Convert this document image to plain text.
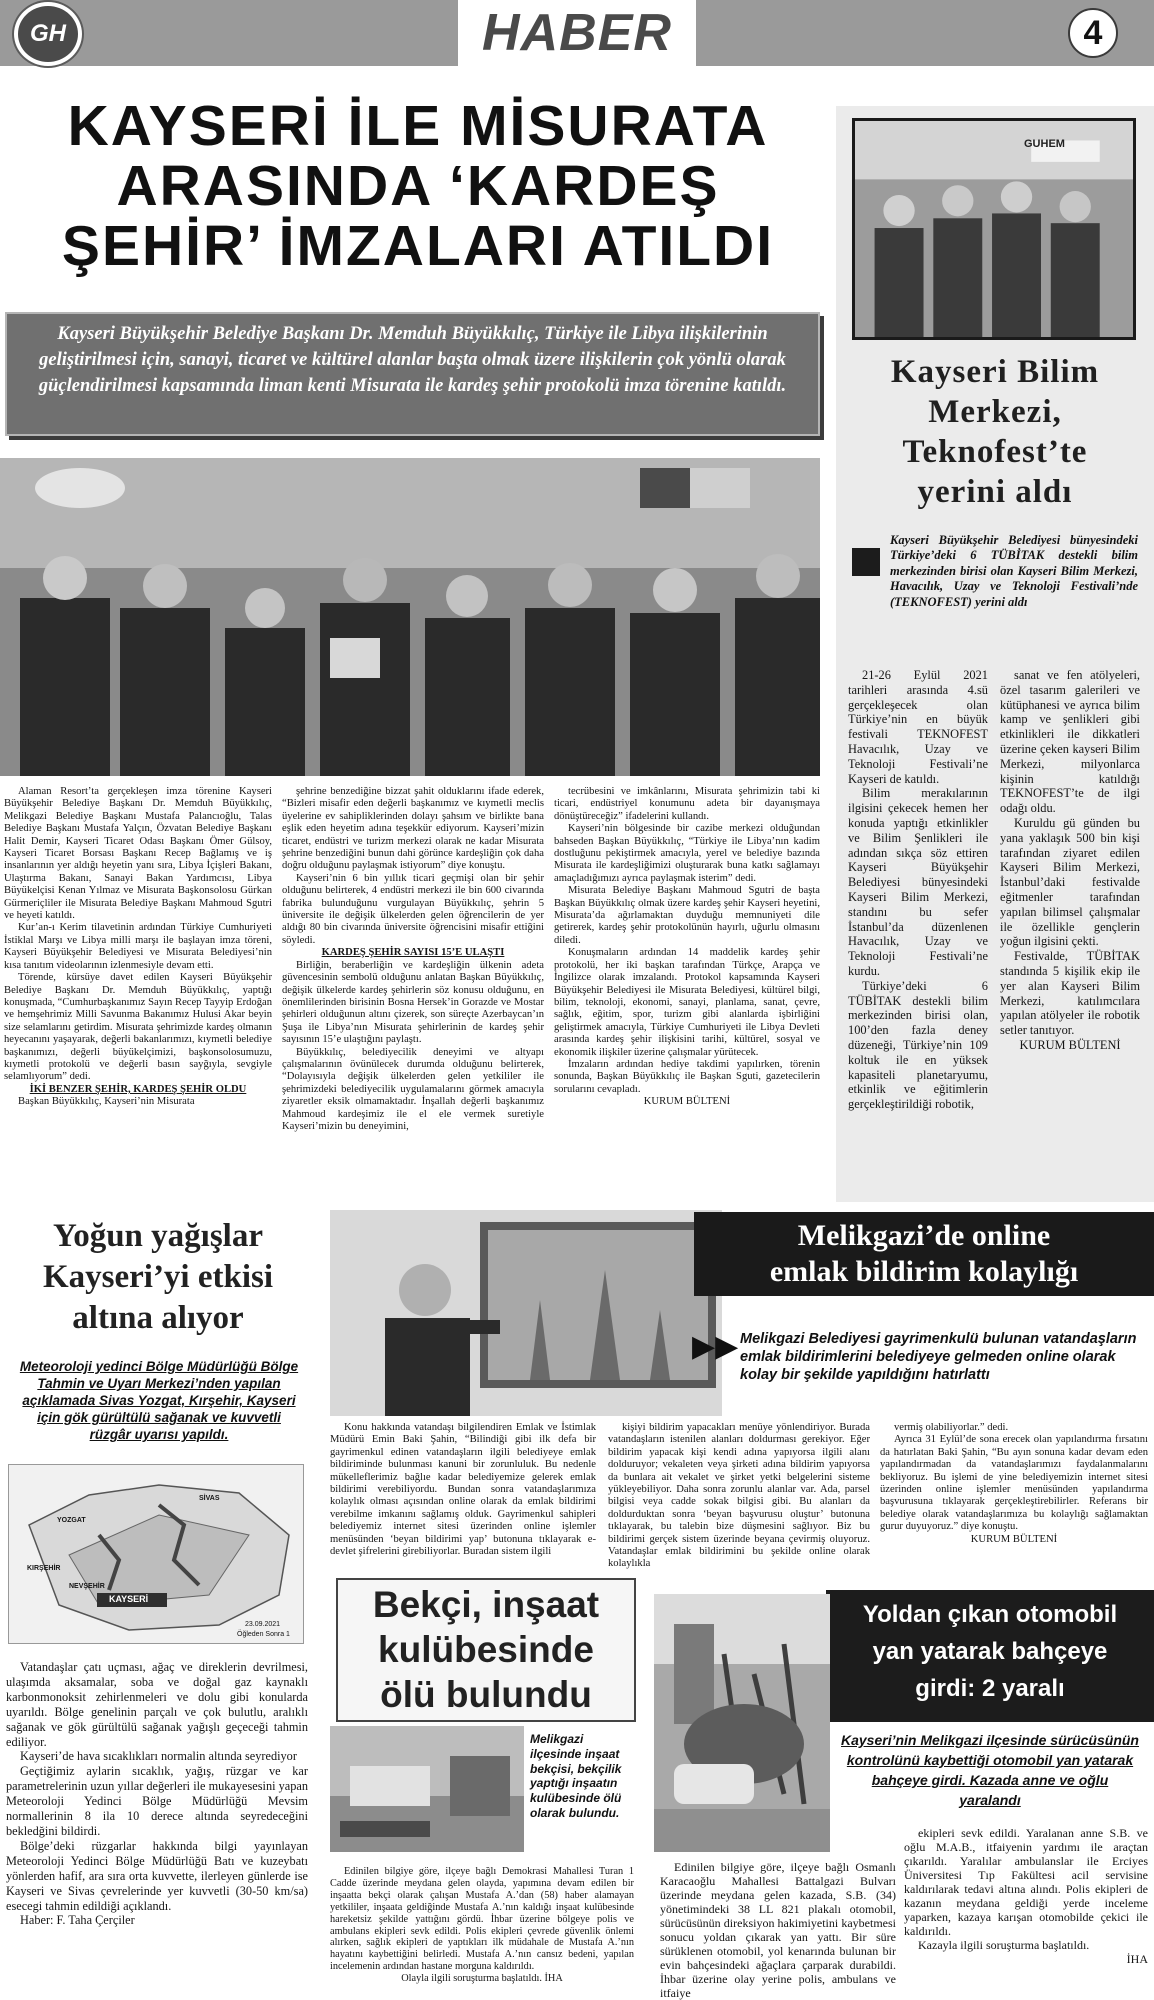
GH	HABER	4
KAYSERİ İLE MİSURATA
ARASINDA ‘KARDEŞ
ŞEHİR’ İMZALARI ATILDI
Kayseri Büyükşehir Belediye Başkanı Dr. Memduh Büyükkılıç, Türkiye ile Libya ilişkilerinin geliştirilmesi için, sanayi, ticaret ve kültürel alanlar başta olmak üzere ilişkilerin çok yönlü olarak güçlendirilmesi kapsamında liman kenti Misurata ile kardeş şehir protokolü imza törenine katıldı.

Alaman Resort’ta gerçekleşen imza törenine Kayseri Büyükşehir Belediye Başkanı Dr. Memduh Büyükkılıç, Melikgazi Belediye Başkanı Mustafa Palancıoğlu, Talas Belediye Başkanı Mustafa Yalçın, Özvatan Belediye Başkanı Halit Demir, Kayseri Ticaret Odası Başkanı Ömer Gülsoy, Kayseri Ticaret Borsası Başkanı Recep Bağlamış ve iş insanlarının yer aldığı heyetin yanı sıra, Libya İçişleri Bakanı, Ulaştırma Bakanı, Sanayi Bakan Yardımcısı, Libya Büyükelçisi Kenan Yılmaz ve Misurata Başkonsolosu Gürkan Gürmeriçliler ile Misurata Belediye Başkanı Mahmoud Sgutri ve heyeti katıldı.

Kur’an-ı Kerim tilavetinin ardından Türkiye Cumhuriyeti İstiklal Marşı ve Libya milli marşı ile başlayan imza töreni, Kayseri Büyükşehir Belediyesi ve Misurata Belediyesi’nin kısa tanıtım videolarının izlenmesiyle devam etti.

Törende, kürsüye davet edilen Kayseri Büyükşehir Belediye Başkanı Dr. Memduh Büyükkılıç, yaptığı konuşmada, “Cumhurbaşkanımız Sayın Recep Tayyip Erdoğan ve hemşehrimiz Milli Savunma Bakanımız Hulusi Akar beyin size selamlarını getirdim. Misurata şehrimizde kardeş olmanın heyecanını yaşayarak, değerli bakanlarımızı, kıymetli belediye başkanımızı, değerli büyükelçimizi, başkonsolosumuzu, kıymetli protokolü ve değerli basın sayğıyla, sevgiyle selamlıyorum” dedi.

İKİ BENZER ŞEHİR, KARDEŞ ŞEHİR OLDU

Başkan Büyükkılıç, Kayseri’nin Misurata

şehrine benzediğine bizzat şahit olduklarını ifade ederek, “Bizleri misafir eden değerli başkanımız ve kıymetli meclis üyelerine ev sahipliklerinden dolayı şahsım ve birlikte bana eşlik eden heyetim adına teşekkür ediyorum. Kayseri’mizin ticaret, endüstri ve turizm merkezi olarak ne kadar Misurata şehrine benzediğini bunun dahi görünce kardeşliğin çok daha doğru olduğunu paylaşmak istiyorum” diye konuştu.

Kayseri’nin 6 bin yıllık ticari geçmişi olan bir şehir olduğunu belirterek, 4 endüstri merkezi ile bin 600 civarında fabrika bulunduğunu vurgulayan Büyükkılıç, şehrin 5 üniversite ile değişik ülkelerden gelen öğrencilerin de yer aldığı 80 bin civarında üniversite öğrencisini misafir ettiğini söyledi.

KARDEŞ ŞEHİR SAYISI 15’E ULAŞTI

Birliğin, beraberliğin ve kardeşliğin ülkenin adeta güvencesinin sembolü olduğunu anlatan Başkan Büyükkılıç, değişik ülkelerde kardeş şehirlerin söz konusu olduğunu, en önemlilerinden birisinin Bosna Hersek’in Gorazde ve Mostar şehirleri olduğunun altını çizerek, son süreçte Azerbaycan’ın Şuşa ile Libya’nın Misurata şehirlerinin de kardeş şehir sayısının 15’e ulaştığını paylaştı.

Büyükkılıç, belediyecilik deneyimi ve altyapı çalışmalarının övünülecek durumda olduğunu belirterek, “Dolayısıyla değişik ülkelerden gelen yetkililer ile şehrimizdeki belediyecilik uygulamalarını görmek amacıyla ziyaretler eksik olmamaktadır. İnşallah değerli başkanımız Mahmoud kardeşimiz ile el ele vermek suretiyle Kayseri’mizin bu deneyimini,

tecrübesini ve imkânlarını, Misurata şehrimizin tabi ki ticari, endüstriyel konumunu adeta bir dayanışmaya dönüştüreceğiz” ifadelerini kullandı.

Kayseri’nin bölgesinde bir cazibe merkezi olduğundan bahseden Başkan Büyükkılıç, “Türkiye ile Libya’nın kadim dostluğunu pekiştirmek amacıyla, yerel ve belediye bazında Misurata ile kardeşliğimizi oluşturarak buna katkı sağlamayı amaçladığımızı ayrıca paylaşmak isterim” dedi.

Misurata Belediye Başkanı Mahmoud Sgutri de başta Başkan Büyükkılıç olmak üzere kardeş şehir Kayseri heyetini, Misurata’da ağırlamaktan duyduğu memnuniyeti dile getirerek, kardeş şehir protokolünün hayırlı, uğurlu olmasını diledi.

Konuşmaların ardından 14 maddelik kardeş şehir protokolü, her iki başkan tarafından Türkçe, Arapça ve İngilizce olarak imzalandı. Protokol kapsamında Kayseri Büyükşehir Belediyesi ile Misurata Belediyesi, kültürel bilgi, bilim, teknoloji, ekonomi, sanayi, planlama, sanat, çevre, sağlık, eğitim, spor, turizm gibi alanlarda işbirliğini geliştirmek amacıyla, Türkiye Cumhuriyeti ile Libya Devleti arasında kardeş şehir ilişkisini tarihi, kültürel, sosyal ve ekonomik ilişkiler üzerine çalışmalar yürütecek.

İmzaların ardından hediye takdimi yapılırken, törenin sonunda, Başkan Büyükkılıç ile Başkan Sguti, gazetecilerin sorularını cevapladı.

KURUM BÜLTENİ

GUHEM
Kayseri Bilim
Merkezi,
Teknofest’te
yerini aldı
Kayseri Büyükşehir Belediyesi bünyesindeki Türkiye’deki 6 TÜBİTAK destekli bilim merkezinden birisi olan Kayseri Bilim Merkezi, Havacılık, Uzay ve Teknoloji Festivali’nde (TEKNOFEST) yerini aldı

21-26 Eylül 2021 tarihleri arasında 4.sü gerçekleşecek olan Türkiye’nin en büyük festivali TEKNOFEST Havacılık, Uzay ve Teknoloji Festivali’ne Kayseri de katıldı.

Bilim merakılarının ilgisini çekecek hemen her konuda yaptığı etkinlikler ve Bilim Şenlikleri ile adından sıkça söz ettiren Kayseri Büyükşehir Belediyesi bünyesindeki Kayseri Bilim Merkezi, standını bu sefer İstanbul’da düzenlenen Havacılık, Uzay ve Teknoloji Festivali’ne kurdu.

Türkiye’deki 6 TÜBİTAK destekli bilim merkezinden birisi olan, 100’den fazla deney düzeneği, Türkiye’nin 109 koltuk ile en yüksek kapasiteli planetaryumu, etkinlik ve eğitimlerin gerçekleştirildiği robotik,

sanat ve fen atölyeleri, özel tasarım galerileri ve kütüphanesi ve ayrıca bilim kamp ve şenlikleri gibi etkinlikleri ile dikkatleri üzerine çeken kayseri Bilim Merkezi, milyonlarca kişinin katıldığı TEKNOFEST’te de ilgi odağı oldu.

Kuruldu gü günden bu yana yaklaşık 500 bin kişi tarafından ziyaret edilen Kayseri Bilim Merkezi, İstanbul’daki festivalde eğitmenler tarafından yapılan bilimsel çalışmalar ile özellikle gençlerin yoğun ilgisini çekti.

Festivalde, TÜBİTAK standında 5 kişilik ekip ile yer alan Kayseri Bilim Merkezi, katılımcılara yapılan atölyeler ile robotik setler tanıtıyor.

KURUM BÜLTENİ

Yoğun yağışlar
Kayseri’yi etkisi
altına alıyor
Meteoroloji yedinci Bölge Müdürlüğü Bölge Tahmin ve Uyarı Merkezi’nden yapılan açıklamada Sivas Yozgat, Kırşehir, Kayseri için gök gürültülü sağanak ve kuvvetli rüzgâr uyarısı yapıldı.
YOZGAT
SİVAS
KIRŞEHİR
NEVŞEHİR
KAYSERİ
23.09.2021
Öğleden Sonra 1

Vatandaşlar çatı uçması, ağaç ve direklerin devrilmesi, ulaşımda aksamalar, soba ve doğal gaz kaynaklı karbonmonoksit zehirlenmeleri ve dolu gibi konularda uyarıldı. Bölge genelinin parçalı ve çok bulutlu, aralıklı sağanak ve gök gürültülü sağanak yağışlı geçeceği tahmin ediliyor.

Kayseri’de hava sıcaklıkları normalin altında seyrediyor

Geçtiğimiz aylarin sıcaklık, yağış, rüzgar ve kar parametrelerinin uzun yıllar değerleri ile mukayesesini yapan Meteoroloji Yedinci Bölge Müdürlüğü Mevsim normallerinin 8 ila 10 derece altında seyredeceğini bekledğini bildirdi.

Bölge’deki rüzgarlar hakkında bilgi yayınlayan Meteoroloji Yedinci Bölge Müdürlüğü Batı ve kuzeybatı yönlerden hafif, ara sıra orta kuvvette, ilerleyen günlerde ise Kayseri ve Sivas çevrelerinde yer kuvvetli (30-50 km/sa) esecegi tahmin edildiği açıklandı.

Haber: F. Taha Çerçiler

Melikgazi’de online
emlak bildirim kolaylığı
▶▶ Melikgazi Belediyesi gayrimenkulü bulunan vatandaşların emlak bildirimlerini belediyeye gelmeden online olarak kolay bir şekilde yapıldığını hatırlattı

Konu hakkında vatandaşı bilgilendiren Emlak ve İstimlak Müdürü Emin Baki Şahin, “Bilindiği gibi ilk defa bir gayrimenkul edinen vatandaşların ilgili belediyeye emlak bildiriminde bulunması kanuni bir zorunluluk. Bu nedenle mükelleflerimiz bağlıe kadar belediyemize gelerek emlak bildirimi verebiliyordu. Bundan sonra vatandaşlarımıza kolaylık olması açısından online olarak da emlak bildirimi verebilme imkanını sağlamış olduk. Gayrimenkul sahipleri belediyemiz internet sitesi üzerinden online işlemler menüsünden ‘beyan bildirimi yap’ butonuna tıklayarak e-devlet şifrelerini girebiliyorlar. Buradan sistem ilgili

kişiyi bildirim yapacakları menüye yönlendiriyor. Burada vatandaşların istenilen alanları doldurması gerekiyor. Eğer bildirim yapacak kişi kendi adına yapıyorsa ilgili alanı dolduruyor; vekaleten veya şirketi adına bildirim yapıyorsa da bunlara ait vekalet ve şirket yetki belgelerini sisteme yükleyebiliyor. Daha sonra zorunlu alanlar var. Ada, parsel bilgisi veya cadde sokak bilgisi gibi. Bu alanları da doldurduktan sonra ‘beyan başvurusu oluştur’ butonuna tıklayarak, bu talebin bize düşmesini sağlıyor. Biz bu bildirimi gerçek sistem üzerinde beyana çevirmiş oluyoruz. Vatandaşlar emlak bildirimini bu şekilde online olarak kolaylıkla

vermiş olabiliyorlar.” dedi.

Ayrıca 31 Eylül’de sona erecek olan yapılandırma fırsatını da hatırlatan Baki Şahin, “Bu ayın sonuna kadar devam eden yapılandırmadan da vatandaşlarımızı faydalanmalarını bekliyoruz. Bu işlemi de yine belediyemizin internet sitesi üzerinden online işlemler menüsünden yapılandırma başvurusuna tıklayarak gerçekleştirebilirler. Referans bir belediye olarak vatandaşlarımıza bu kolaylığı sağlamaktan gurur duyuyoruz.” diye konuştu.

KURUM BÜLTENİ

Bekçi, inşaat
kulübesinde
ölü bulundu
Melikgazi ilçesinde inşaat bekçisi, bekçilik yaptığı inşaatın kulübesinde ölü olarak bulundu.

Edinilen bilgiye göre, ilçeye bağlı Demokrasi Mahallesi Turan 1 Cadde üzerinde meydana gelen olayda, yapımına devam edilen bir inşaatta bekçi olarak çalışan Mustafa A.’dan (58) haber alamayan yetkililer, inşaata geldiğinde Mustafa A.’nın kaldığı inşaat kulübesinde hareketsiz şekilde yattığını gördü. İhbar üzerine bölgeye polis ve ambulans ekipleri sevk edildi. Polis ekipleri çevrede güvenlik önlemi alırken, sağlık ekipleri de yaptıkları ilk müdahale de Mustafa A.’nın hayatını kaybettiğini belirledi. Mustafa A.’nın cansız bedeni, yapılan incelemenin ardından hastane morguna kaldırıldı.

Olayla ilgili soruşturma başlatıldı. İHA

Yoldan çıkan otomobil
yan yatarak bahçeye
girdi: 2 yaralı
Kayseri’nin Melikgazi ilçesinde sürücüsünün kontrolünü kaybettiği otomobil yan yatarak bahçeye girdi. Kazada anne ve oğlu yaralandı

Edinilen bilgiye göre, ilçeye bağlı Osmanlı Karacaoğlu Mahallesi Battalgazi Bulvarı üzerinde meydana gelen kazada, S.B. (34) yönetimindeki 38 LL 821 plakalı otomobil, sürücüsünün direksiyon hakimiyetini kaybetmesi sonucu yoldan çıkarak yan yattı. Bir süre sürüklenen otomobil, yol kenarında bulunan bir evin bahçesindeki ağaçlara çarparak durabildi. İhbar üzerine olay yerine polis, ambulans ve itfaiye

ekipleri sevk edildi. Yaralanan anne S.B. ve oğlu M.A.B., itfaiyenin yardımı ile araçtan çıkarıldı. Yaralılar ambulanslar ile Erciyes Üniversitesi Tıp Fakültesi acil servisine kaldırılarak tedavi altına alındı. Polis ekipleri de kazanın meydana geldiği yerde inceleme yaparken, kazaya karışan otomobilde çekici ile kaldırıldı.

Kazayla ilgili soruşturma başlatıldı.

İHA
